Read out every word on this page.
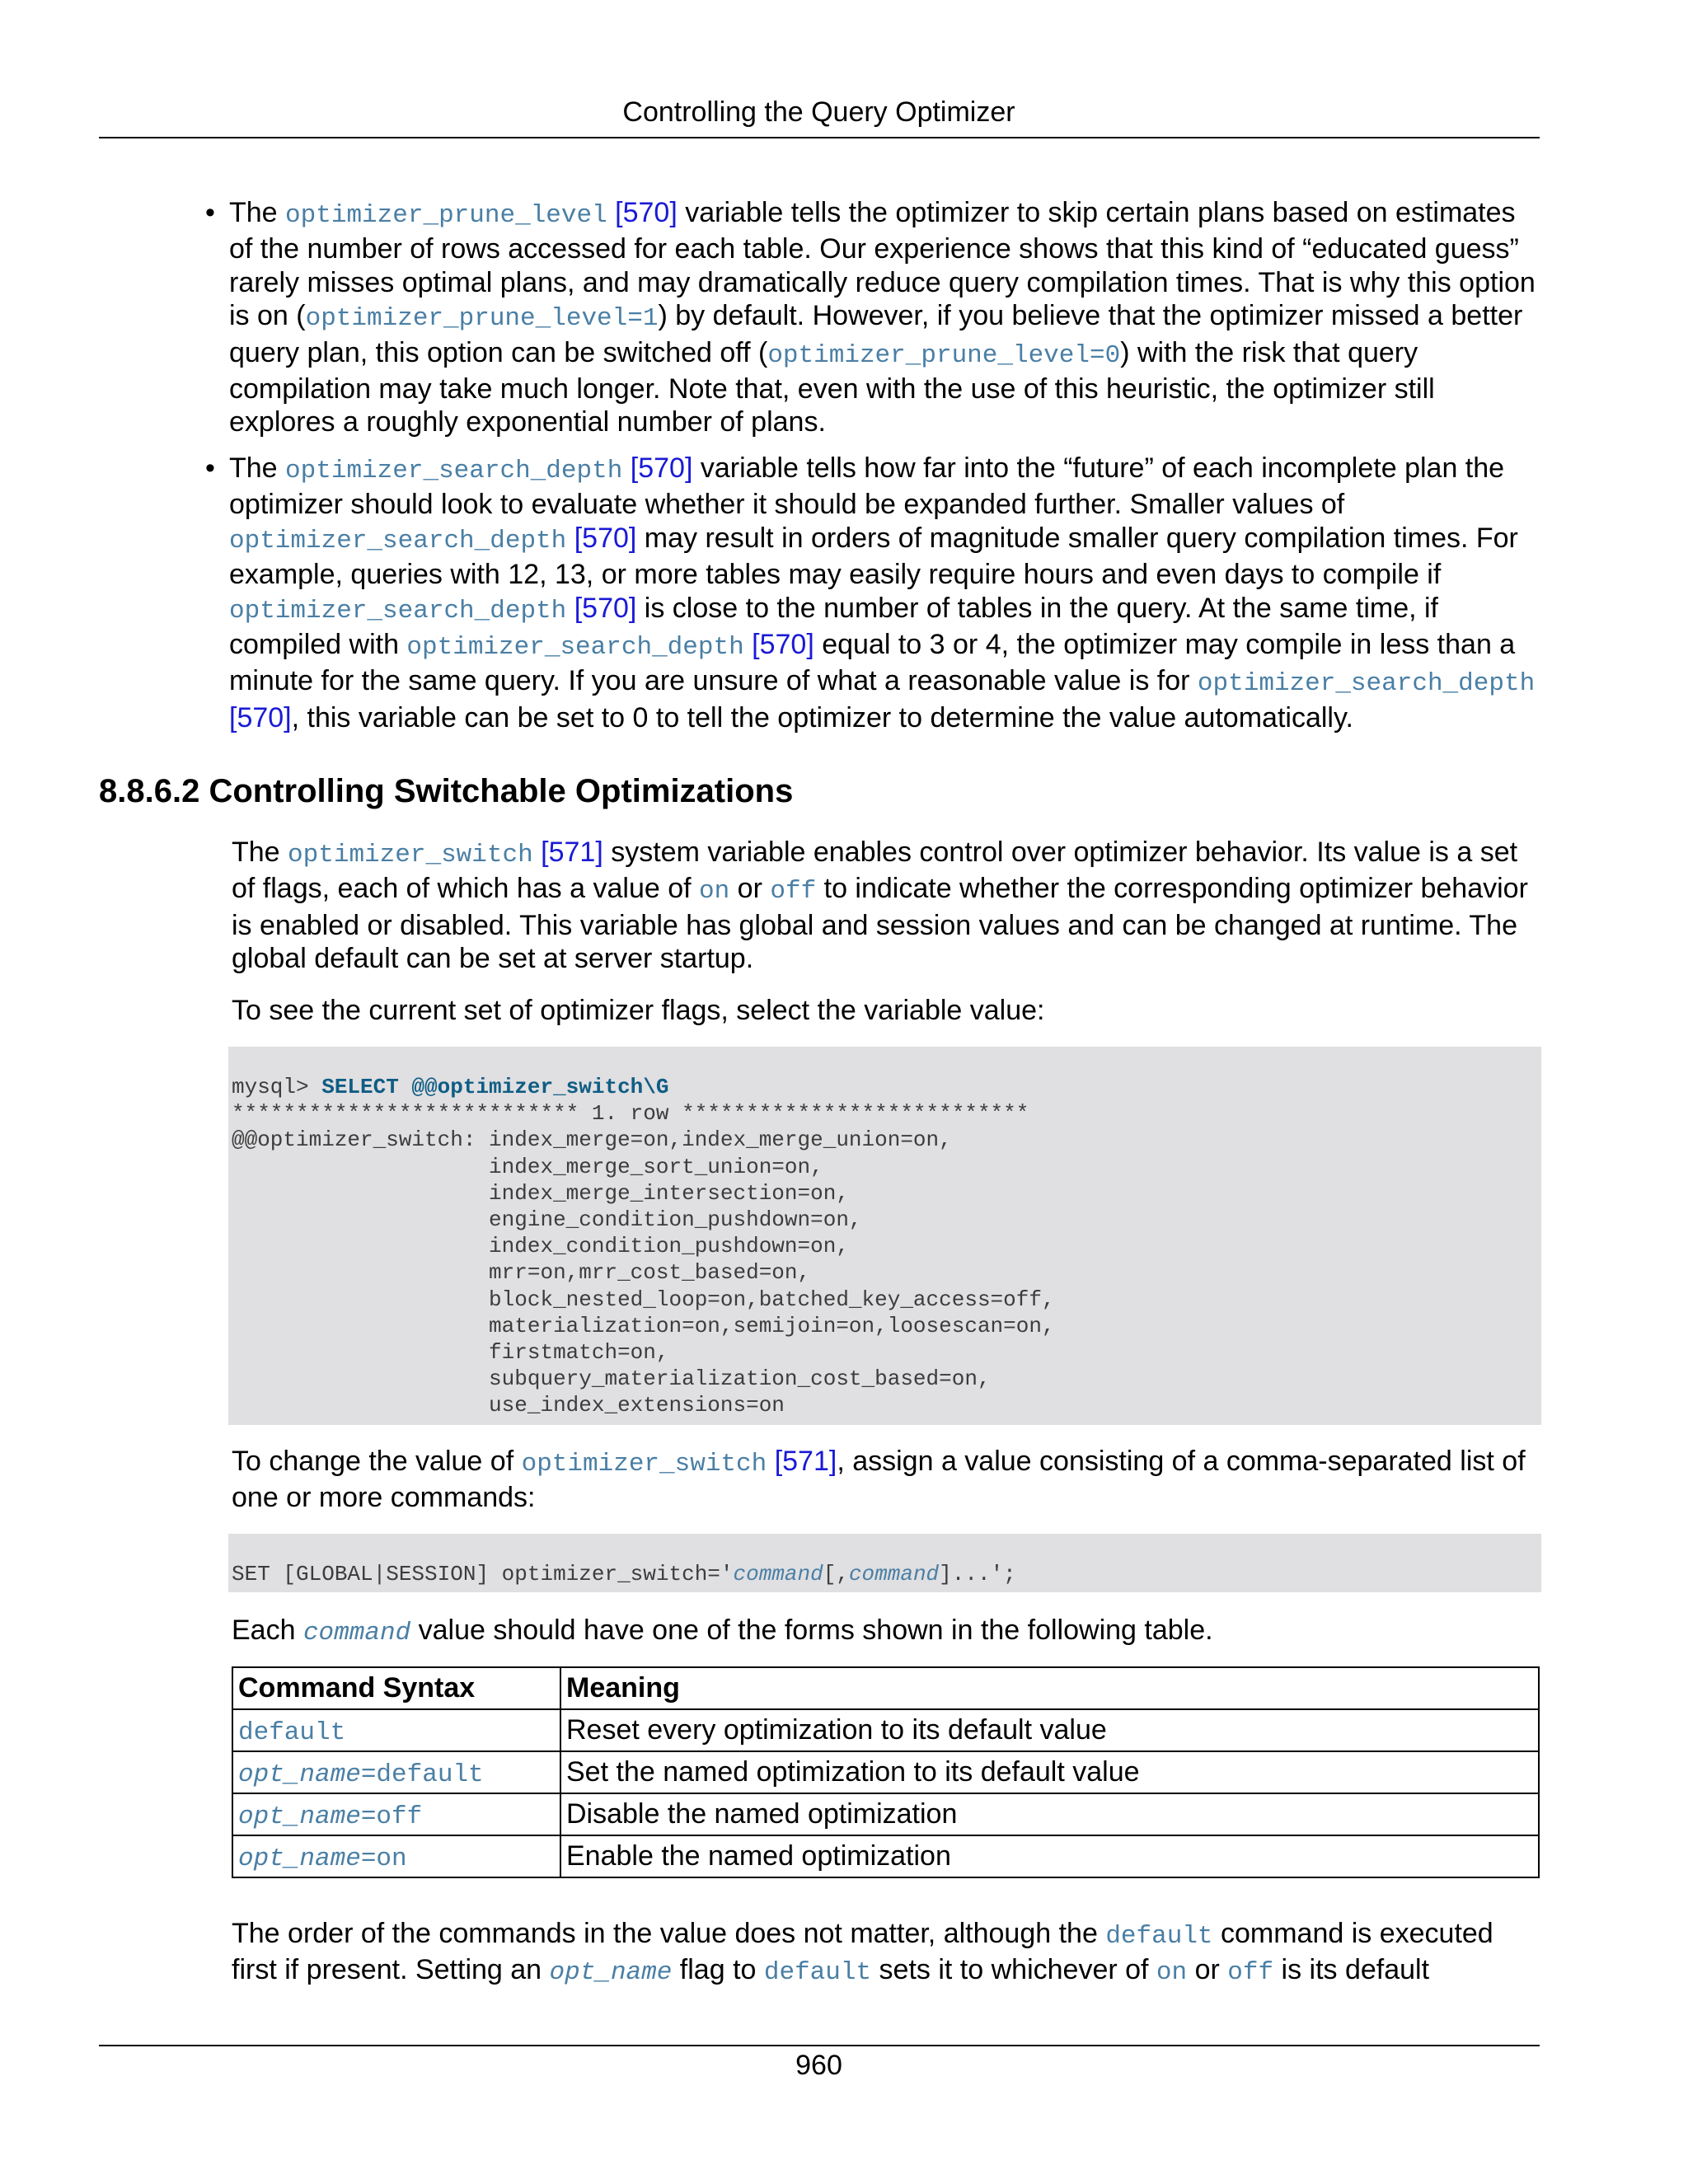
Controlling the Query Optimizer
• The optimizer_prune_level [570] variable tells the optimizer to skip certain plans based on estimates of the number of rows accessed for each table. Our experience shows that this kind of “educated guess” rarely misses optimal plans, and may dramatically reduce query compilation times. That is why this option is on (optimizer_prune_level=1) by default. However, if you believe that the optimizer missed a better query plan, this option can be switched off (optimizer_prune_level=0) with the risk that query compilation may take much longer. Note that, even with the use of this heuristic, the optimizer still explores a roughly exponential number of plans.
• The optimizer_search_depth [570] variable tells how far into the “future” of each incomplete plan the optimizer should look to evaluate whether it should be expanded further. Smaller values of optimizer_search_depth [570] may result in orders of magnitude smaller query compilation times. For example, queries with 12, 13, or more tables may easily require hours and even days to compile if optimizer_search_depth [570] is close to the number of tables in the query. At the same time, if compiled with optimizer_search_depth [570] equal to 3 or 4, the optimizer may compile in less than a minute for the same query. If you are unsure of what a reasonable value is for optimizer_search_depth [570], this variable can be set to 0 to tell the optimizer to determine the value automatically.
8.8.6.2 Controlling Switchable Optimizations
The optimizer_switch [571] system variable enables control over optimizer behavior. Its value is a set of flags, each of which has a value of on or off to indicate whether the corresponding optimizer behavior is enabled or disabled. This variable has global and session values and can be changed at runtime. The global default can be set at server startup.
To see the current set of optimizer flags, select the variable value:
mysql> SELECT @@optimizer_switch\G
*************************** 1. row ***************************
@@optimizer_switch: index_merge=on,index_merge_union=on,
index_merge_sort_union=on,
index_merge_intersection=on,
engine_condition_pushdown=on,
index_condition_pushdown=on,
mrr=on,mrr_cost_based=on,
block_nested_loop=on,batched_key_access=off,
materialization=on,semijoin=on,loosescan=on,
firstmatch=on,
subquery_materialization_cost_based=on,
use_index_extensions=on
To change the value of optimizer_switch [571], assign a value consisting of a comma-separated list of one or more commands:
SET [GLOBAL|SESSION] optimizer_switch='command[,command]...';
Each command value should have one of the forms shown in the following table.
Command Syntax	Meaning
default	Reset every optimization to its default value
opt_name=default	Set the named optimization to its default value
opt_name=off	Disable the named optimization
opt_name=on	Enable the named optimization
The order of the commands in the value does not matter, although the default command is executed first if present. Setting an opt_name flag to default sets it to whichever of on or off is its default
960
